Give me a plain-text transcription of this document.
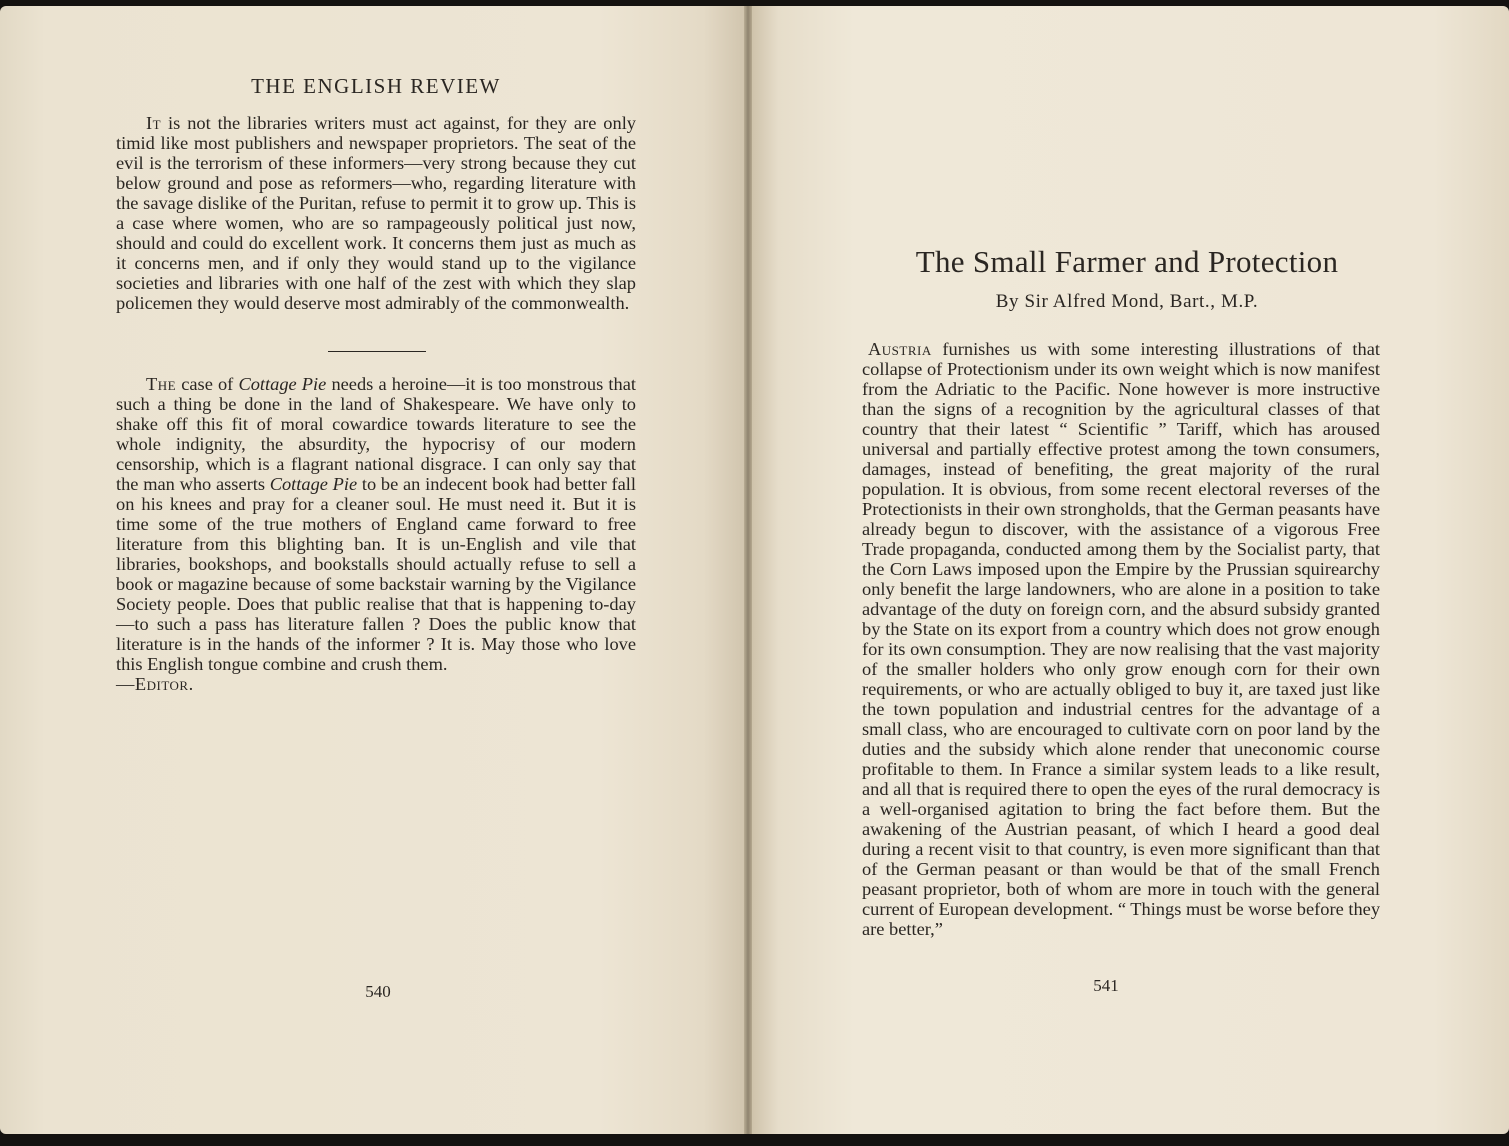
THE ENGLISH REVIEW

It is not the libraries writers must act against, for they are only timid like most publishers and newspaper proprietors. The seat of the evil is the terrorism of these informers—very strong because they cut below ground and pose as reformers—who, regarding literature with the savage dislike of the Puritan, refuse to permit it to grow up. This is a case where women, who are so rampageously political just now, should and could do excellent work. It concerns them just as much as it concerns men, and if only they would stand up to the vigilance societies and libraries with one half of the zest with which they slap policemen they would deserve most admirably of the commonwealth.

The case of Cottage Pie needs a heroine—it is too monstrous that such a thing be done in the land of Shakespeare. We have only to shake off this fit of moral cowardice towards literature to see the whole indignity, the absurdity, the hypocrisy of our modern censorship, which is a flagrant national disgrace. I can only say that the man who asserts Cottage Pie to be an indecent book had better fall on his knees and pray for a cleaner soul. He must need it. But it is time some of the true mothers of England came forward to free literature from this blighting ban. It is un-English and vile that libraries, bookshops, and bookstalls should actually refuse to sell a book or magazine because of some backstair warning by the Vigilance Society people. Does that public realise that that is happening to-day —to such a pass has literature fallen ? Does the public know that literature is in the hands of the informer ? It is. May those who love this English tongue combine and crush them.

—Editor.

540
The Small Farmer and Protection
By Sir Alfred Mond, Bart., M.P.

Austria furnishes us with some interesting illustrations of that collapse of Protectionism under its own weight which is now manifest from the Adriatic to the Pacific. None however is more instructive than the signs of a recognition by the agricultural classes of that country that their latest “ Scientific ” Tariff, which has aroused universal and partially effective protest among the town consumers, damages, instead of benefiting, the great majority of the rural population. It is obvious, from some recent electoral reverses of the Protectionists in their own strongholds, that the German peasants have already begun to discover, with the assistance of a vigorous Free Trade propaganda, conducted among them by the Socialist party, that the Corn Laws imposed upon the Empire by the Prussian squirearchy only benefit the large landowners, who are alone in a position to take advantage of the duty on foreign corn, and the absurd subsidy granted by the State on its export from a country which does not grow enough for its own consumption. They are now realising that the vast majority of the smaller holders who only grow enough corn for their own requirements, or who are actually obliged to buy it, are taxed just like the town population and industrial centres for the advantage of a small class, who are encouraged to cultivate corn on poor land by the duties and the subsidy which alone render that uneconomic course profitable to them. In France a similar system leads to a like result, and all that is required there to open the eyes of the rural democracy is a well-organised agitation to bring the fact before them. But the awakening of the Austrian peasant, of which I heard a good deal during a recent visit to that country, is even more significant than that of the German peasant or than would be that of the small French peasant proprietor, both of whom are more in touch with the general current of European development. “ Things must be worse before they are better,”

541
